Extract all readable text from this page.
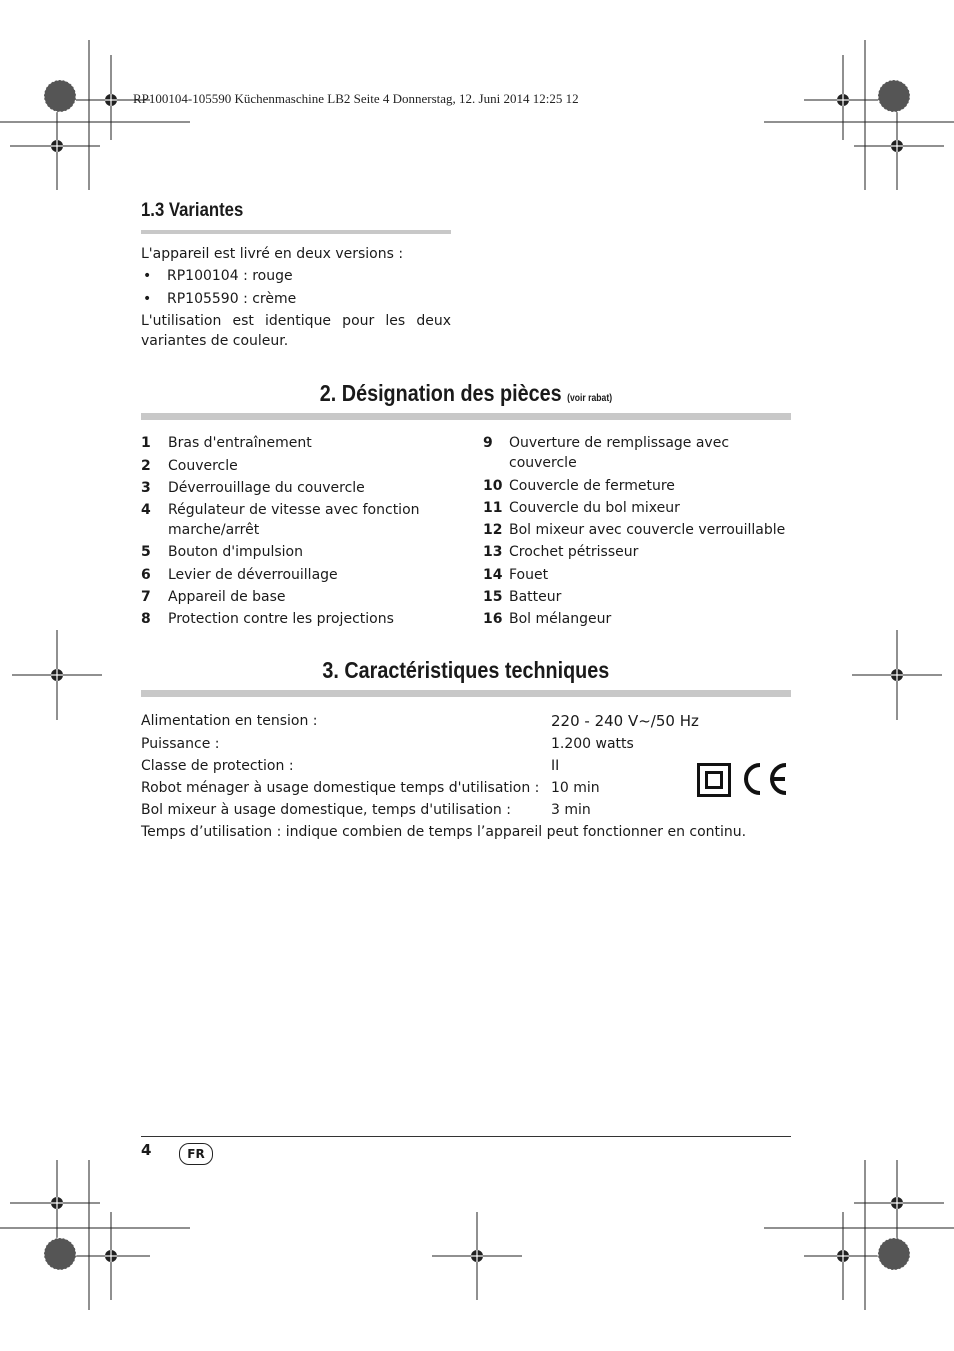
RP100104-105590 Küchenmaschine LB2 Seite 4 Donnerstag, 12. Juni 2014 12:25 12
1.3 Variantes
L'appareil est livré en deux versions :
• RP100104 : rouge
• RP105590 : crème
L'utilisation est identique pour les deux
variantes de couleur.
2. Désignation des pièces (voir rabat)
1 Bras d'entraînement
2 Couvercle
3 Déverrouillage du couvercle
4 Régulateur de vitesse avec fonction
marche/arrêt
5 Bouton d'impulsion
6 Levier de déverrouillage
7 Appareil de base
8 Protection contre les projections
9 Ouverture de remplissage avec
couvercle
10 Couvercle de fermeture
11 Couvercle du bol mixeur
12 Bol mixeur avec couvercle verrouillable
13 Crochet pétrisseur
14 Fouet
15 Batteur
16 Bol mélangeur
3. Caractéristiques techniques
Alimentation en tension :	220 - 240 V~/50 Hz
Puissance :	1.200 watts
Classe de protection :	II
Robot ménager à usage domestique temps d'utilisation : 10 min
Bol mixeur à usage domestique, temps d'utilisation :	3 min
Temps d’utilisation : indique combien de temps l’appareil peut fonctionner en continu.
4	FR
